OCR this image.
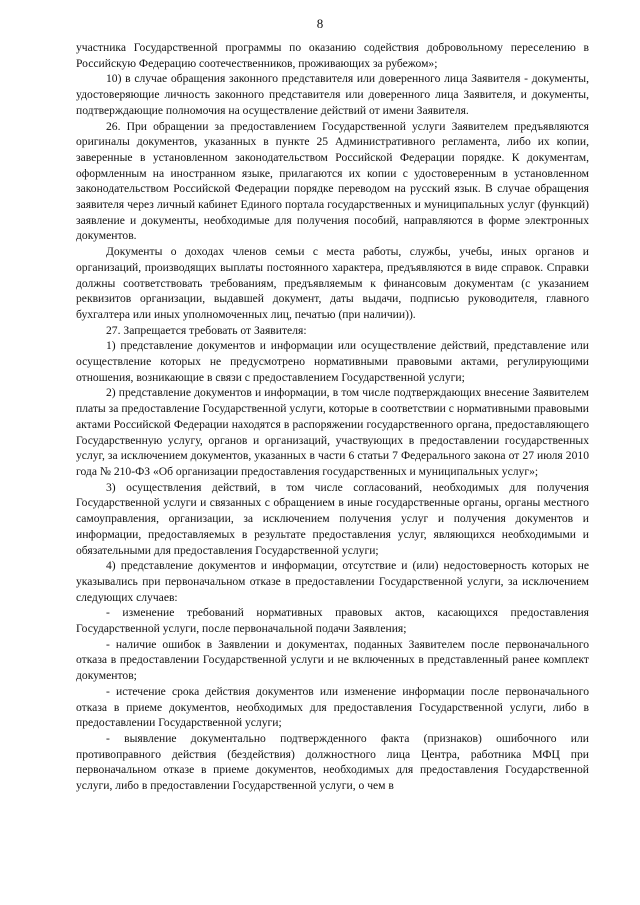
8

участника Государственной программы по оказанию содействия добровольному переселению в Российскую Федерацию соотечественников, проживающих за рубежом»;

10) в случае обращения законного представителя или доверенного лица Заявителя - документы, удостоверяющие личность законного представителя или доверенного лица Заявителя, и документы, подтверждающие полномочия на осуществление действий от имени Заявителя.

26. При обращении за предоставлением Государственной услуги Заявителем предъявляются оригиналы документов, указанных в пункте 25 Административного регламента, либо их копии, заверенные в установленном законодательством Российской Федерации порядке. К документам, оформленным на иностранном языке, прилагаются их копии с удостоверенным в установленном законодательством Российской Федерации порядке переводом на русский язык. В случае обращения заявителя через личный кабинет Единого портала государственных и муниципальных услуг (функций) заявление и документы, необходимые для получения пособий, направляются в форме электронных документов.

Документы о доходах членов семьи с места работы, службы, учебы, иных органов и организаций, производящих выплаты постоянного характера, предъявляются в виде справок. Справки должны соответствовать требованиям, предъявляемым к финансовым документам (с указанием реквизитов организации, выдавшей документ, даты выдачи, подписью руководителя, главного бухгалтера или иных уполномоченных лиц, печатью (при наличии)).

27. Запрещается требовать от Заявителя:

1) представление документов и информации или осуществление действий, представление или осуществление которых не предусмотрено нормативными правовыми актами, регулирующими отношения, возникающие в связи с предоставлением Государственной услуги;

2) представление документов и информации, в том числе подтверждающих внесение Заявителем платы за предоставление Государственной услуги, которые в соответствии с нормативными правовыми актами Российской Федерации находятся в распоряжении государственного органа, предоставляющего Государственную услугу, органов и организаций, участвующих в предоставлении государственных услуг, за исключением документов, указанных в части 6 статьи 7 Федерального закона от 27 июля 2010 года № 210-ФЗ «Об организации предоставления государственных и муниципальных услуг»;

3) осуществления действий, в том числе согласований, необходимых для получения Государственной услуги и связанных с обращением в иные государственные органы, органы местного самоуправления, организации, за исключением получения услуг и получения документов и информации, предоставляемых в результате предоставления услуг, являющихся необходимыми и обязательными для предоставления Государственной услуги;

4) представление документов и информации, отсутствие и (или) недостоверность которых не указывались при первоначальном отказе в предоставлении Государственной услуги, за исключением следующих случаев:

- изменение требований нормативных правовых актов, касающихся предоставления Государственной услуги, после первоначальной подачи Заявления;

- наличие ошибок в Заявлении и документах, поданных Заявителем после первоначального отказа в предоставлении Государственной услуги и не включенных в представленный ранее комплект документов;

- истечение срока действия документов или изменение информации после первоначального отказа в приеме документов, необходимых для предоставления Государственной услуги, либо в предоставлении Государственной услуги;

- выявление документально подтвержденного факта (признаков) ошибочного или противоправного действия (бездействия) должностного лица Центра, работника МФЦ при первоначальном отказе в приеме документов, необходимых для предоставления Государственной услуги, либо в предоставлении Государственной услуги, о чем в
